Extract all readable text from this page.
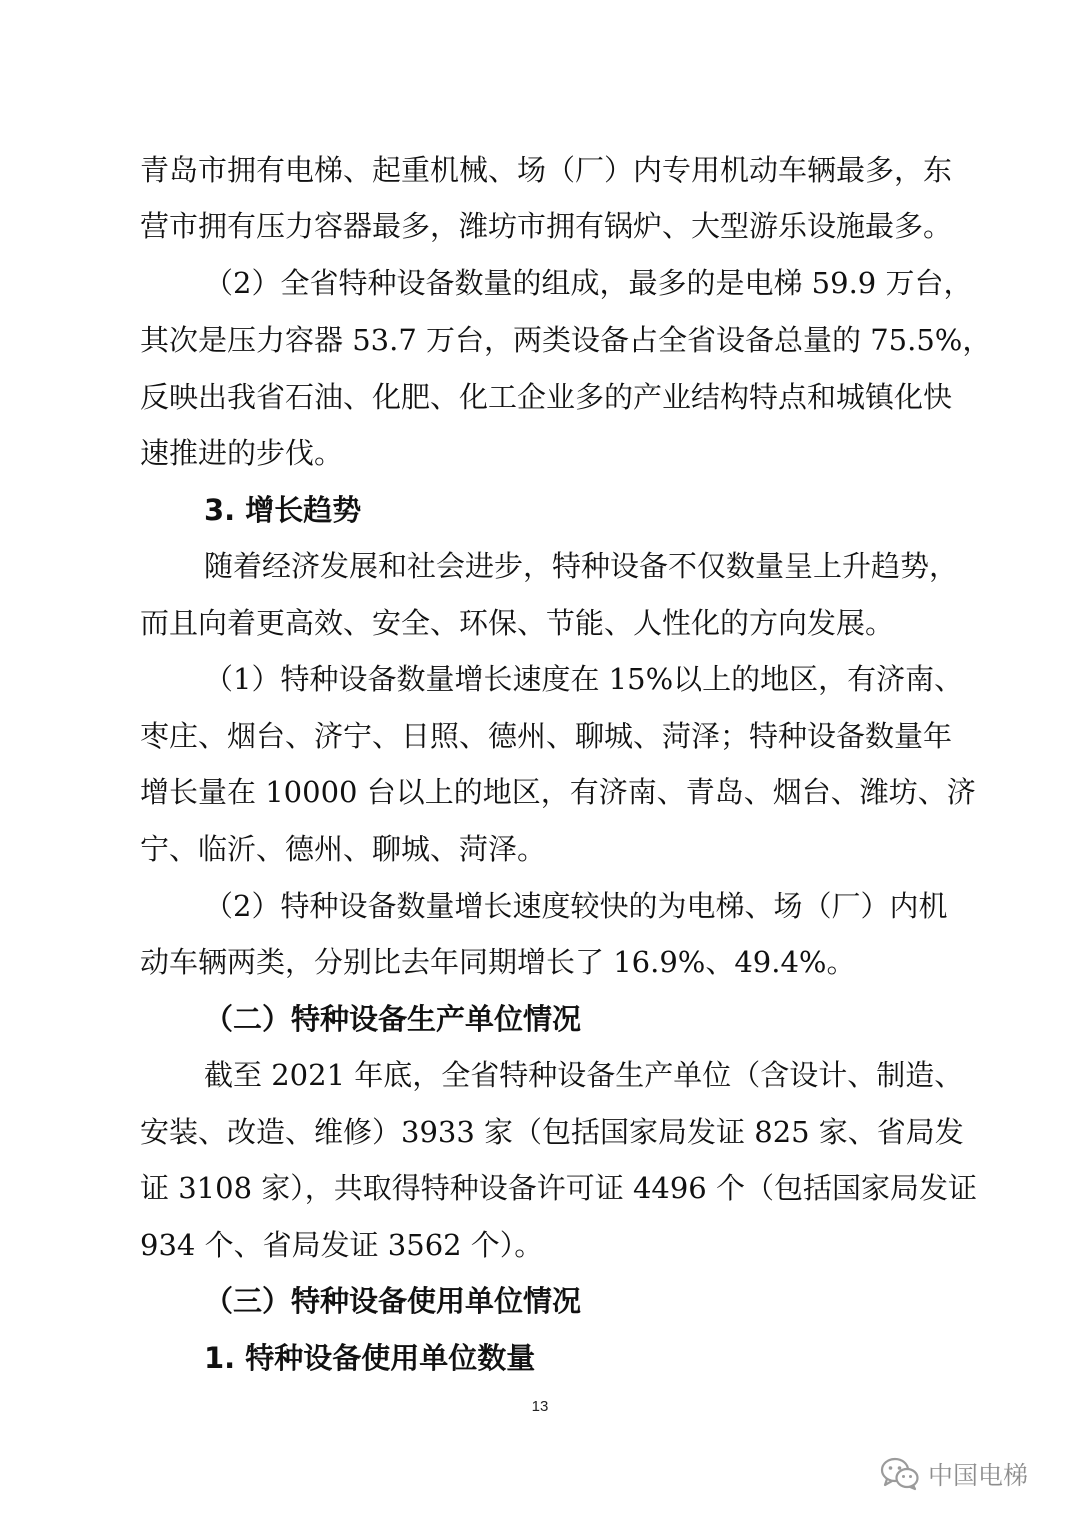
青岛市拥有电梯、起重机械、场（厂）内专用机动车辆最多，东
营市拥有压力容器最多，潍坊市拥有锅炉、大型游乐设施最多。
（2）全省特种设备数量的组成，最多的是电梯 59.9 万台，
其次是压力容器 53.7 万台，两类设备占全省设备总量的 75.5%，
反映出我省石油、化肥、化工企业多的产业结构特点和城镇化快
速推进的步伐。
3. 增长趋势
随着经济发展和社会进步，特种设备不仅数量呈上升趋势，
而且向着更高效、安全、环保、节能、人性化的方向发展。
（1）特种设备数量增长速度在 15%以上的地区，有济南、
枣庄、烟台、济宁、日照、德州、聊城、菏泽；特种设备数量年
增长量在 10000 台以上的地区，有济南、青岛、烟台、潍坊、济
宁、临沂、德州、聊城、菏泽。
（2）特种设备数量增长速度较快的为电梯、场（厂）内机
动车辆两类，分别比去年同期增长了 16.9%、49.4%。
（二）特种设备生产单位情况
截至 2021 年底，全省特种设备生产单位（含设计、制造、
安装、改造、维修）3933 家（包括国家局发证 825 家、省局发
证 3108 家），共取得特种设备许可证 4496 个（包括国家局发证
934 个、省局发证 3562 个）。
（三）特种设备使用单位情况
1. 特种设备使用单位数量
13
中国电梯
